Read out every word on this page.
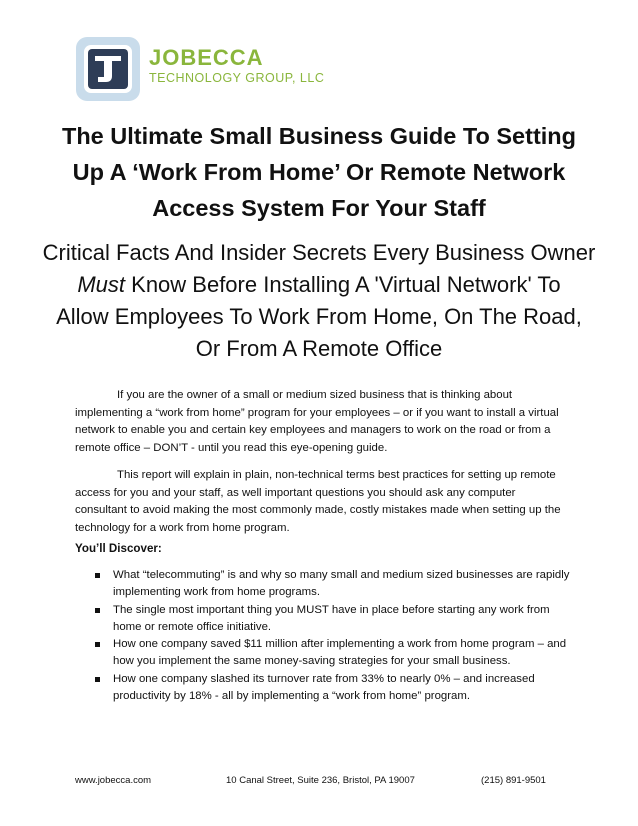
JOBECCA
TECHNOLOGY GROUP, LLC
The Ultimate Small Business Guide To Setting
Up A ‘Work From Home’ Or Remote Network
Access System For Your Staff
Critical Facts And Insider Secrets Every Business Owner
Must Know Before Installing A 'Virtual Network' To
Allow Employees To Work From Home, On The Road,
Or From A Remote Office

If you are the owner of a small or medium sized business that is thinking about implementing a “work from home” program for your employees – or if you want to install a virtual network to enable you and certain key employees and managers to work on the road or from a remote office – DON’T - until you read this eye-opening guide.

This report will explain in plain, non-technical terms best practices for setting up remote access for you and your staff, as well important questions you should ask any computer consultant to avoid making the most commonly made, costly mistakes made when setting up the technology for a work from home program.

You’ll Discover:
What “telecommuting” is and why so many small and medium sized businesses are rapidly implementing work from home programs.
The single most important thing you MUST have in place before starting any work from home or remote office initiative.
How one company saved $11 million after implementing a work from home program – and how you implement the same money-saving strategies for your small business.
How one company slashed its turnover rate from 33% to nearly 0% – and increased productivity by 18% - all by implementing a “work from home” program.
www.jobecca.com	10 Canal Street, Suite 236, Bristol, PA 19007	(215) 891-9501
